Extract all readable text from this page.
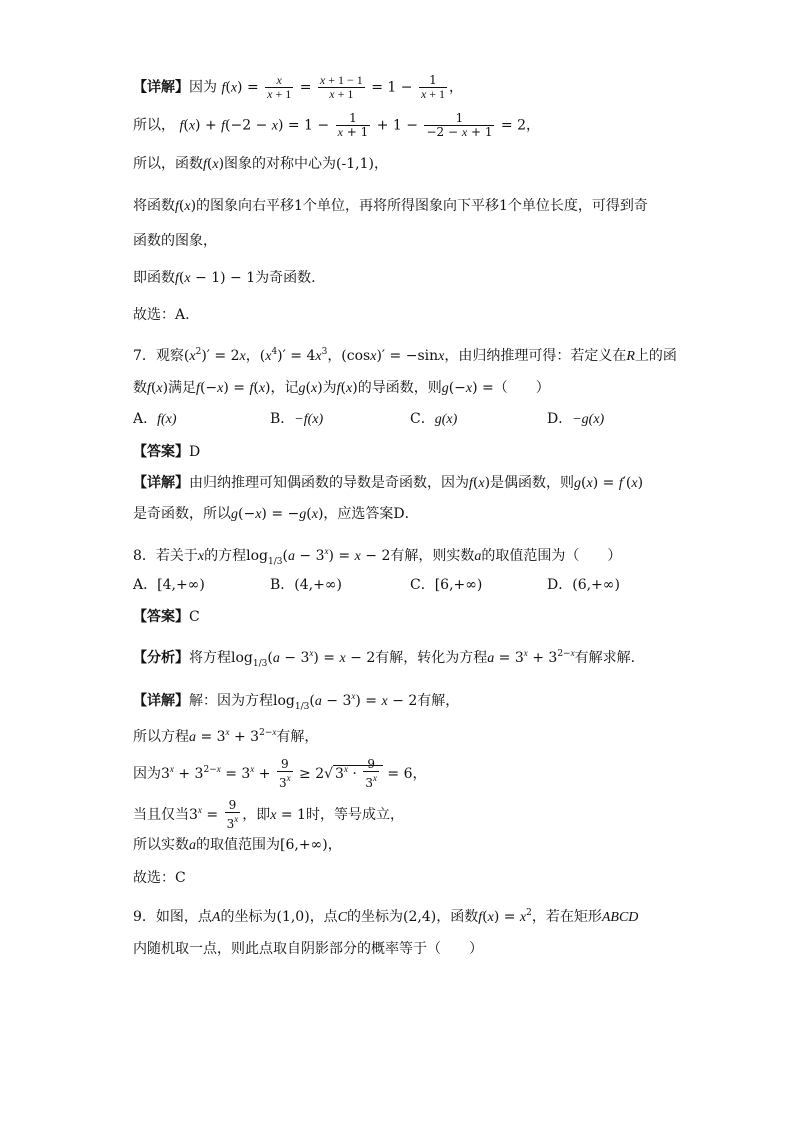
【详解】因为 $f(x) = \frac{x}{x + 1} = \frac{x + 1 - 1}{x + 1} = 1 - \frac{1}{x + 1}$ ，
所以， $f(x) + f(-2 - x) = 1 - \frac{1}{x + 1} + 1 - \frac{1}{-2 - x + 1} = 2$，
所以，函数f(x)图象的对称中心为(-1,1)，
将函数f(x)的图象向右平移1个单位，再将所得图象向下平移1个单位长度，可得到奇
函数的图象，
即函数f(x − 1) − 1为奇函数.
故选：A.
7．观察$(x^2)' = 2x$，$(x^4)' = 4x^3$，(cosx)′ = −sinx，由归纳推理可得：若定义在R上的函
数f(x)满足f(−x) = f(x)，记g(x)为f(x)的导函数，则g(−x) =（　　）
A．f(x)	B．−f(x)	C．g(x)	D．−g(x)
【答案】D
【详解】由归纳推理可知偶函数的导数是奇函数，因为f(x)是偶函数，则g(x) = f′(x)
是奇函数，所以g(−x) = −g(x)，应选答案D．
8．若关于x的方程$\log_{1/3}(a - 3^x) = x - 2$有解，则实数a的取值范围为（　　）
A．[4,+∞)	B．(4,+∞)	C．[6,+∞)	D．(6,+∞)
【答案】C
【分析】将方程$\log_{1/3}(a - 3^x) = x - 2$有解，转化为方程$a = 3^x + 3^{2-x}$有解求解.
【详解】解：因为方程$\log_{1/3}(a - 3^x) = x - 2$有解，
所以方程$a = 3^x + 3^{2-x}$有解，
因为$3^x + 3^{2-x} = 3^x + \frac{9}{3^x} \ge 2√$ $3^x \cdot \frac{9}{3^x} = 6$，
当且仅当$3^x = \frac{9}{3^x}$ ，即x = 1时，等号成立，
所以实数a的取值范围为[6,+∞)，
故选：C
9．如图，点A的坐标为(1,0)，点C的坐标为(2,4)，函数$f(x) = x^2$，若在矩形ABCD
内随机取一点，则此点取自阴影部分的概率等于（　　）
